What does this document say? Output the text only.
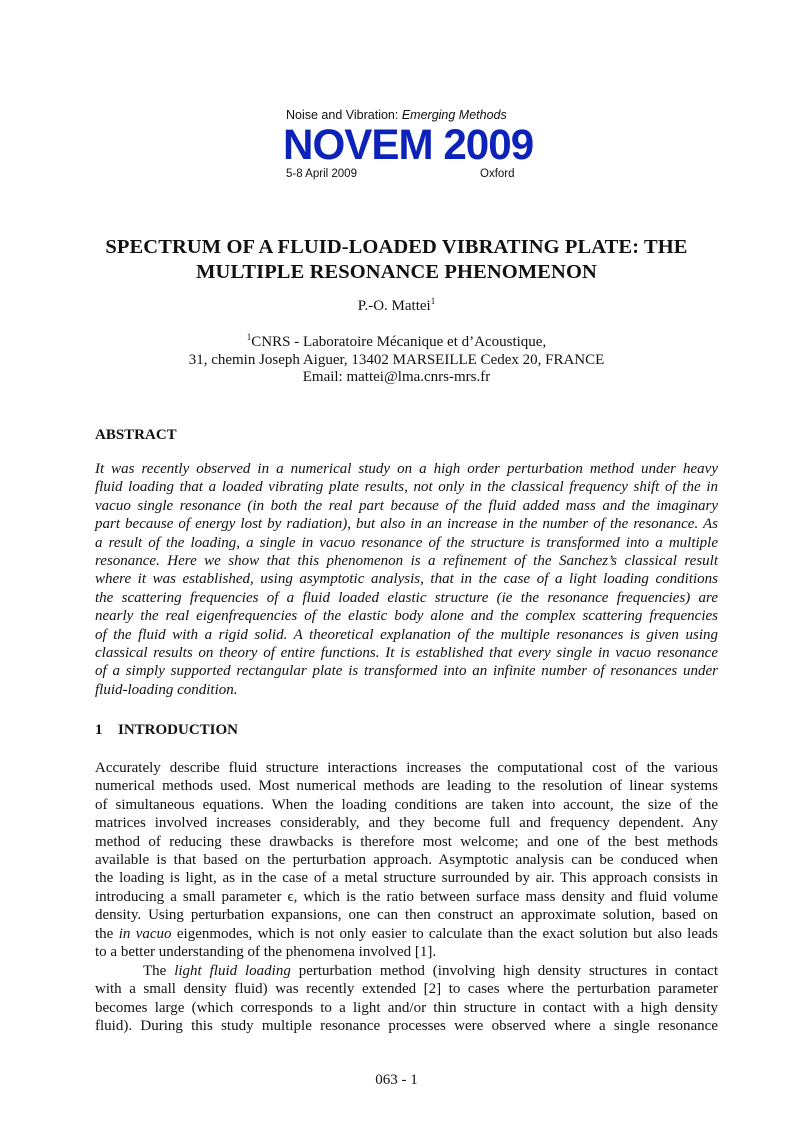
Noise and Vibration: Emerging Methods
NOVEM 2009
5-8 April 2009	Oxford
SPECTRUM OF A FLUID-LOADED VIBRATING PLATE: THE
MULTIPLE RESONANCE PHENOMENON
P.-O. Mattei$^1$
$^1$CNRS - Laboratoire Mécanique et d’Acoustique,
31, chemin Joseph Aiguer, 13402 MARSEILLE Cedex 20, FRANCE
Email: mattei@lma.cnrs-mrs.fr
ABSTRACT
It was recently observed in a numerical study on a high order perturbation method under heavy
fluid loading that a loaded vibrating plate results, not only in the classical frequency shift of the in
vacuo single resonance (in both the real part because of the fluid added mass and the imaginary
part because of energy lost by radiation), but also in an increase in the number of the resonance. As
a result of the loading, a single in vacuo resonance of the structure is transformed into a multiple
resonance. Here we show that this phenomenon is a refinement of the Sanchez’s classical result
where it was established, using asymptotic analysis, that in the case of a light loading conditions
the scattering frequencies of a fluid loaded elastic structure (ie the resonance frequencies) are
nearly the real eigenfrequencies of the elastic body alone and the complex scattering frequencies
of the fluid with a rigid solid. A theoretical explanation of the multiple resonances is given using
classical results on theory of entire functions. It is established that every single in vacuo resonance
of a simply supported rectangular plate is transformed into an infinite number of resonances under
fluid-loading condition.
1 INTRODUCTION
Accurately describe fluid structure interactions increases the computational cost of the various
numerical methods used. Most numerical methods are leading to the resolution of linear systems
of simultaneous equations. When the loading conditions are taken into account, the size of the
matrices involved increases considerably, and they become full and frequency dependent. Any
method of reducing these drawbacks is therefore most welcome; and one of the best methods
available is that based on the perturbation approach. Asymptotic analysis can be conduced when
the loading is light, as in the case of a metal structure surrounded by air. This approach consists in
introducing a small parameter ϵ, which is the ratio between surface mass density and fluid volume
density. Using perturbation expansions, one can then construct an approximate solution, based on
the in vacuo eigenmodes, which is not only easier to calculate than the exact solution but also leads
to a better understanding of the phenomena involved [1].
The light fluid loading perturbation method (involving high density structures in contact
with a small density fluid) was recently extended [2] to cases where the perturbation parameter
becomes large (which corresponds to a light and/or thin structure in contact with a high density
fluid). During this study multiple resonance processes were observed where a single resonance
063 - 1
